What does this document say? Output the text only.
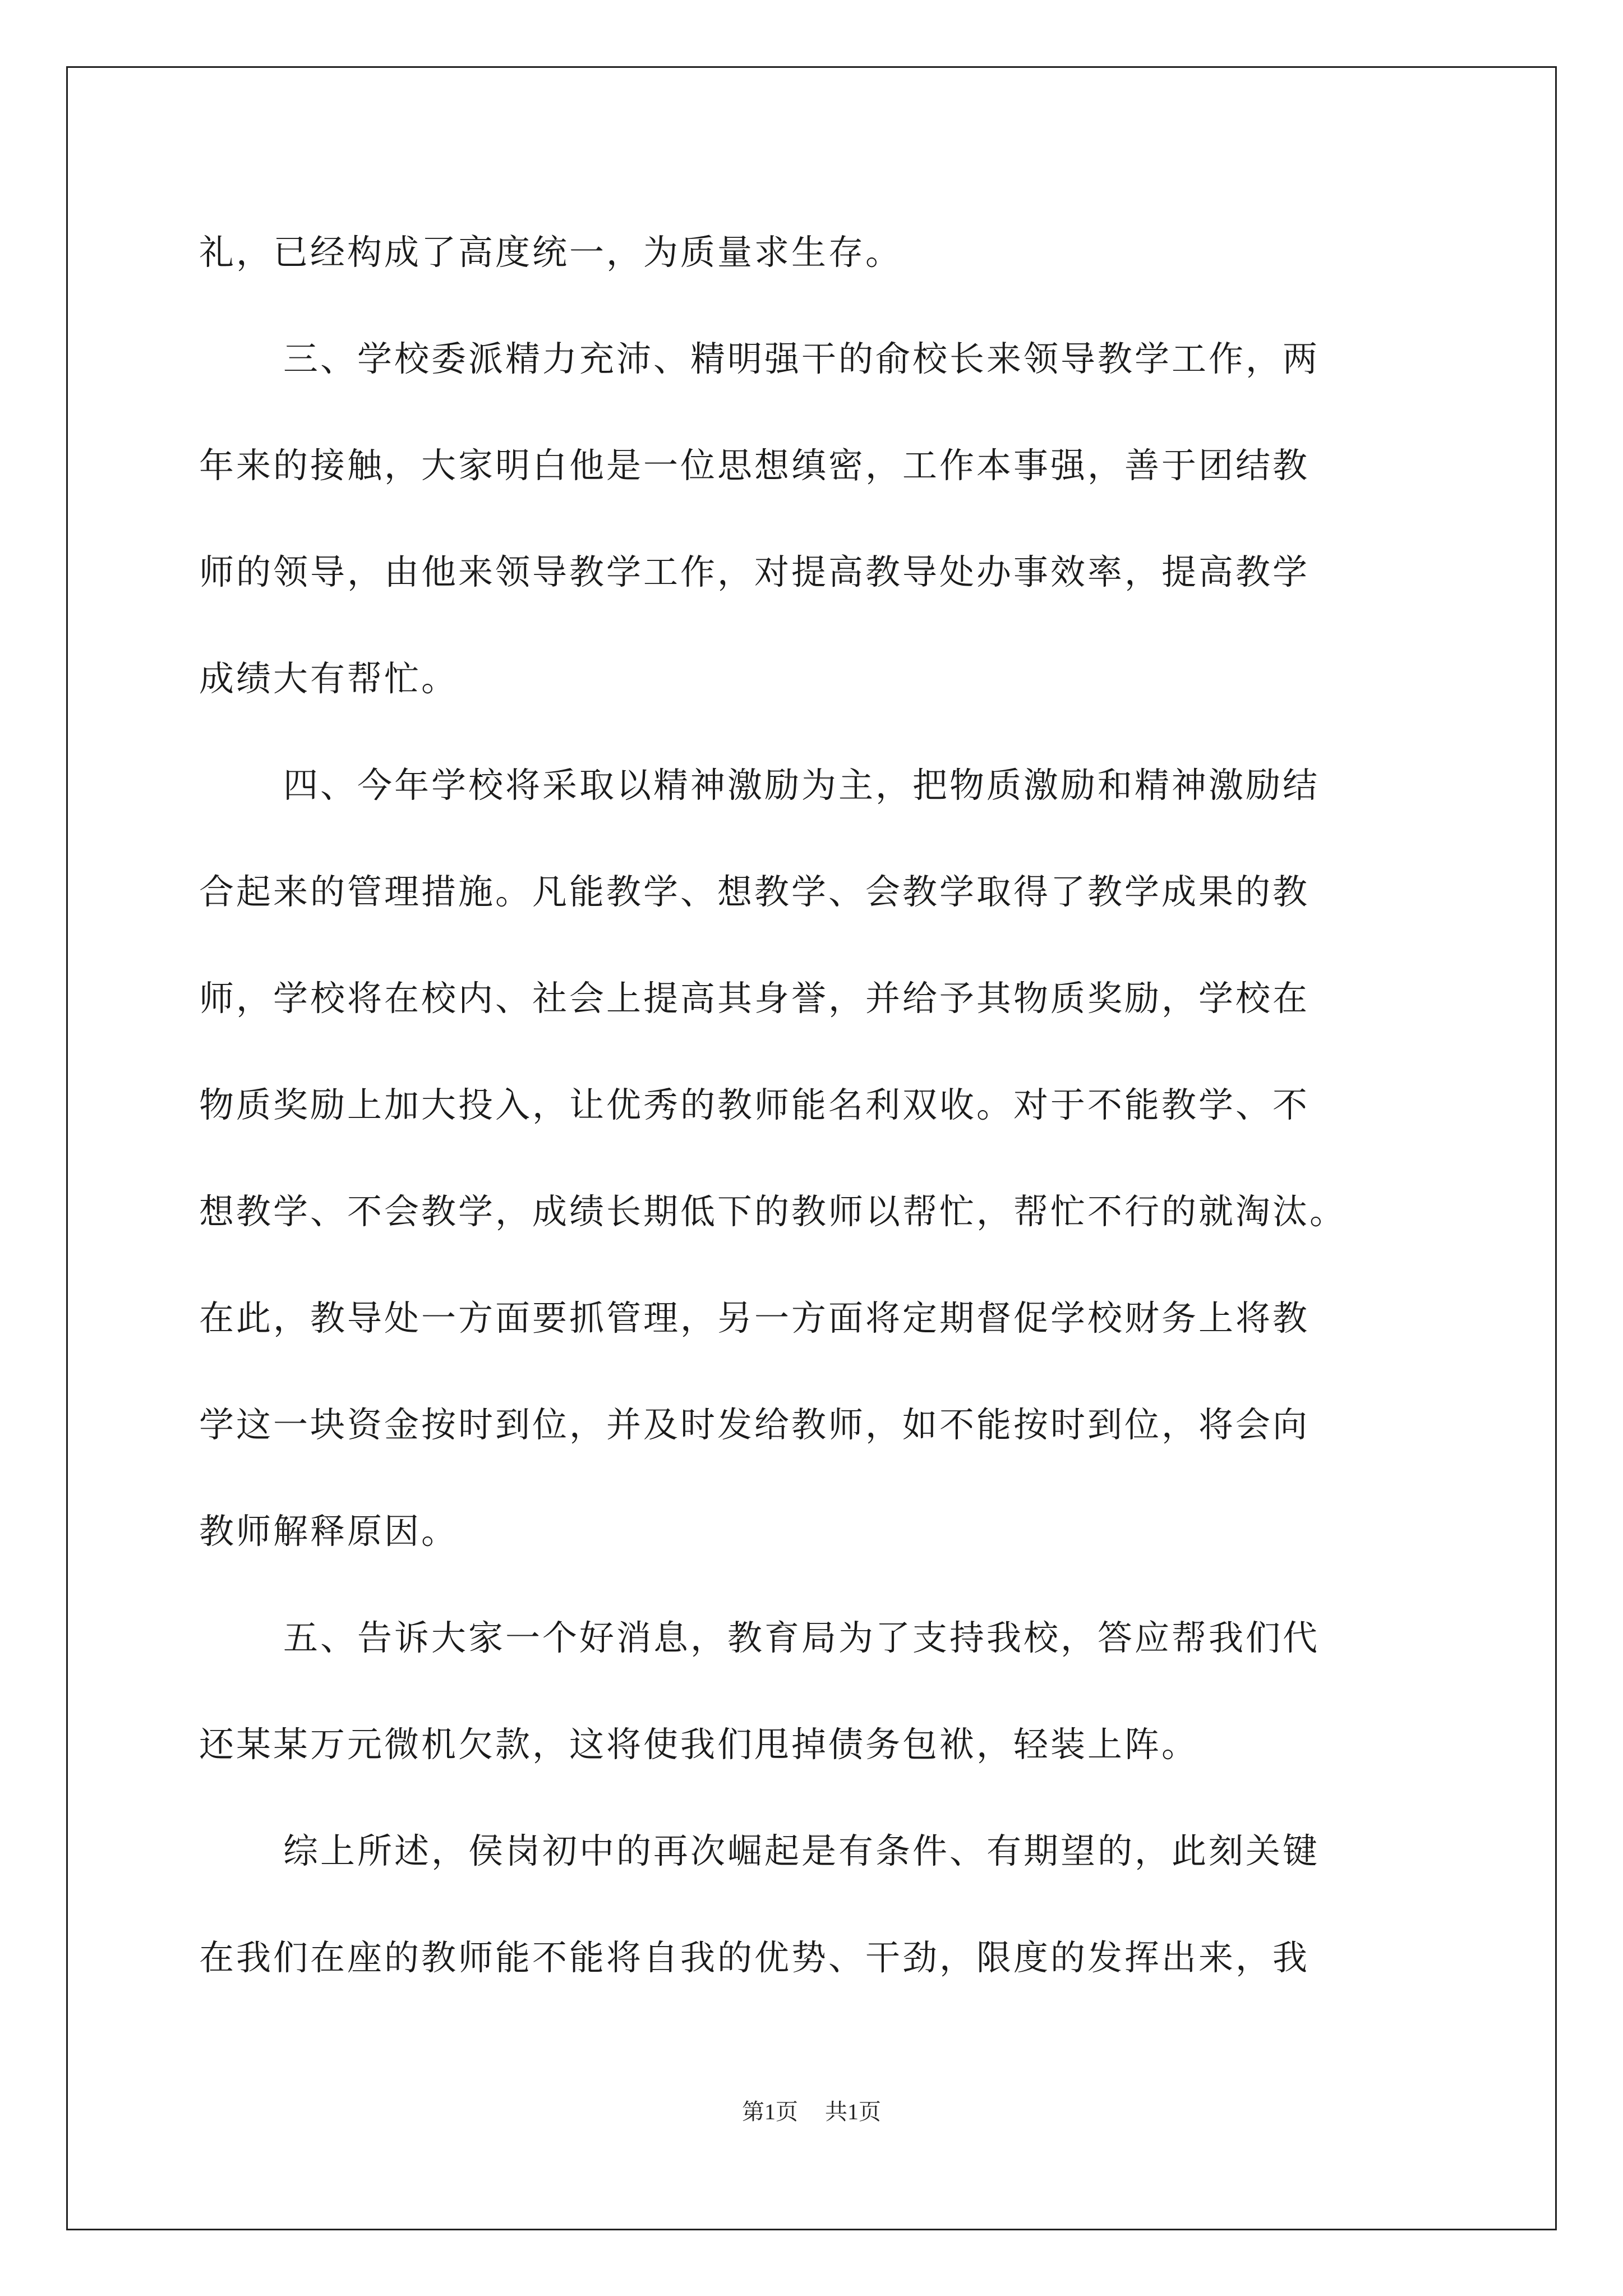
礼，已经构成了高度统一，为质量求生存。
三、学校委派精力充沛、精明强干的俞校长来领导教学工作，两
年来的接触，大家明白他是一位思想缜密，工作本事强，善于团结教
师的领导，由他来领导教学工作，对提高教导处办事效率，提高教学
成绩大有帮忙。
四、今年学校将采取以精神激励为主，把物质激励和精神激励结
合起来的管理措施。凡能教学、想教学、会教学取得了教学成果的教
师，学校将在校内、社会上提高其身誉，并给予其物质奖励，学校在
物质奖励上加大投入，让优秀的教师能名利双收。对于不能教学、不
想教学、不会教学，成绩长期低下的教师以帮忙，帮忙不行的就淘汰。
在此，教导处一方面要抓管理，另一方面将定期督促学校财务上将教
学这一块资金按时到位，并及时发给教师，如不能按时到位，将会向
教师解释原因。
五、告诉大家一个好消息，教育局为了支持我校，答应帮我们代
还某某万元微机欠款，这将使我们甩掉债务包袱，轻装上阵。
综上所述，侯岗初中的再次崛起是有条件、有期望的，此刻关键
在我们在座的教师能不能将自我的优势、干劲，限度的发挥出来，我
第1页 共1页
